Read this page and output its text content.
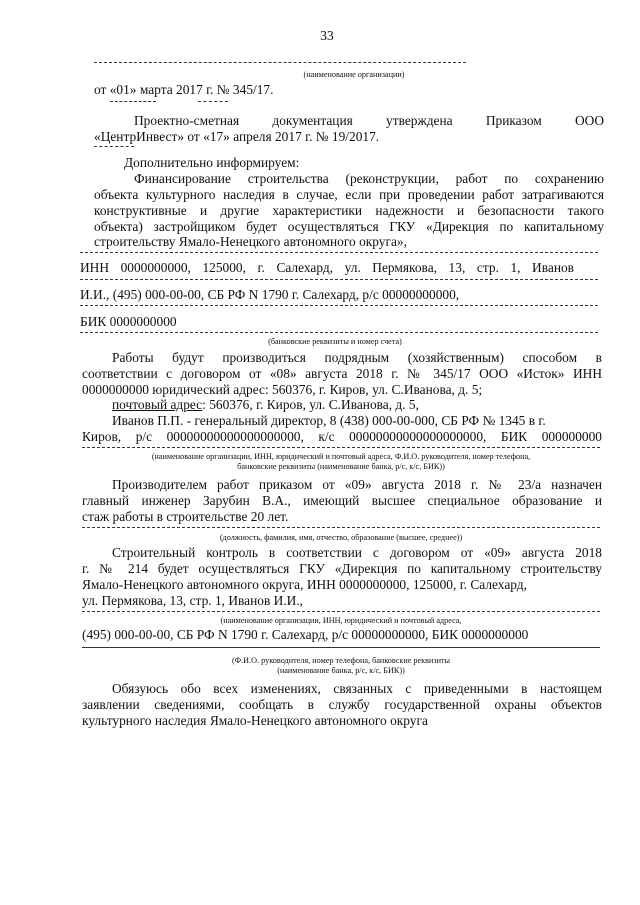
33
(наименование организации)
от «01» марта 2017 г. № 345/17.
Проектно-сметная документация утверждена Приказом ООО
«ЦентрИнвест» от «17» апреля 2017 г. № 19/2017.
Дополнительно информируем:
Финансирование строительства (реконструкции, работ по сохранению
объекта культурного наследия в случае, если при проведении работ затрагиваются
конструктивные и другие характеристики надежности и безопасности такого
объекта) застройщиком будет осуществляться ГКУ «Дирекция по капитальному
строительству Ямало-Ненецкого автономного округа»,
ИНН 0000000000, 125000, г. Салехард, ул. Пермякова, 13, стр. 1, Иванов
И.И., (495) 000-00-00, СБ РФ N 1790 г. Салехард, р/с 00000000000,
БИК 0000000000
(банковские реквизиты и номер счета)
Работы будут производиться подрядным (хозяйственным) способом в
соответствии с договором от «08» августа 2018 г. № 345/17 ООО «Исток» ИНН
0000000000 юридический адрес: 560376, г. Киров, ул. С.Иванова, д. 5;
почтовый адрес: 560376, г. Киров, ул. С.Иванова, д. 5,
Иванов П.П. - генеральный директор, 8 (438) 000-00-000, СБ РФ № 1345 в г.
Киров, р/с 00000000000000000000, к/с 00000000000000000000, БИК 000000000
(наименование организации, ИНН, юридический и почтовый адреса, Ф.И.О. руководителя, номер телефона,
банковские реквизиты (наименование банка, р/с, к/с, БИК))
Производителем работ приказом от «09» августа 2018 г. № 23/а назначен
главный инженер Зарубин В.А., имеющий высшее специальное образование и
стаж работы в строительстве 20 лет.
(должность, фамилия, имя, отчество, образование (высшее, среднее))
Строительный контроль в соответствии с договором от «09» августа 2018
г. № 214 будет осуществляться ГКУ «Дирекция по капитальному строительству
Ямало-Ненецкого автономного округа, ИНН 0000000000, 125000, г. Салехард,
ул. Пермякова, 13, стр. 1, Иванов И.И.,
(наименование организации, ИНН, юридический и почтовый адреса,
(495) 000-00-00, СБ РФ N 1790 г. Салехард, р/с 00000000000, БИК 0000000000
(Ф.И.О. руководителя, номер телефона, банковские реквизиты
(наименование банка, р/с, к/с, БИК))
Обязуюсь обо всех изменениях, связанных с приведенными в настоящем
заявлении сведениями, сообщать в службу государственной охраны объектов
культурного наследия Ямало-Ненецкого автономного округа
